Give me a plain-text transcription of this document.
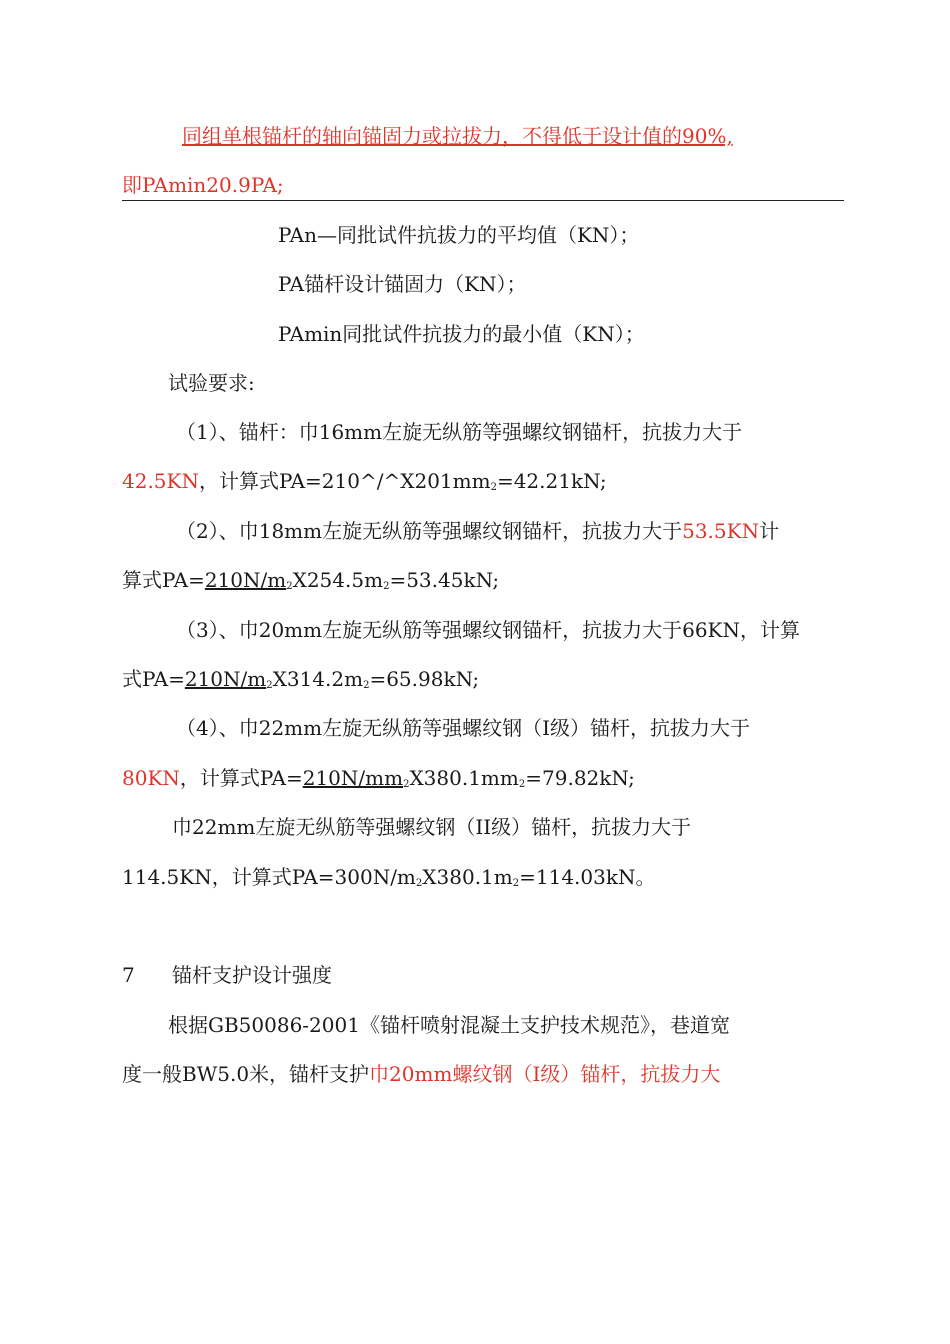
同组单根锚杆的轴向锚固力或拉拔力，不得低于设计值的90%,
即PAmin20.9PA;
PAn—同批试件抗拔力的平均值（KN）；
PA锚杆设计锚固力（KN）；
PAmin同批试件抗拔力的最小值（KN）；
试验要求:
（1）、锚杆：巾16mm左旋无纵筋等强螺纹钢锚杆，抗拔力大于
42.5KN，计算式$PA=210\^{}/\^{}X201mm_2=42.21kN$;
（2）、巾18mm左旋无纵筋等强螺纹钢锚杆，抗拔力大于53.5KN计
算式$PA=210N/m_2X254.5m_2=53.45kN$;
（3）、巾20mm左旋无纵筋等强螺纹钢锚杆，抗拔力大于66KN，计算
式$PA=210N/m_2X314.2m_2=65.98kN$;
（4）、巾22mm左旋无纵筋等强螺纹钢（I级）锚杆，抗拔力大于
80KN，计算式$PA=210N/mm_2X380.1mm_2=79.82kN$;
巾22mm左旋无纵筋等强螺纹钢（II级）锚杆，抗拔力大于
114.5KN，计算式$PA=300N/m_2X380.1m_2=114.03kN$。
7 锚杆支护设计强度
根据GB50086-2001《锚杆喷射混凝土支护技术规范》，巷道宽
度一般BW5.0米，锚杆支护巾20mm螺纹钢（I级）锚杆，抗拔力大
